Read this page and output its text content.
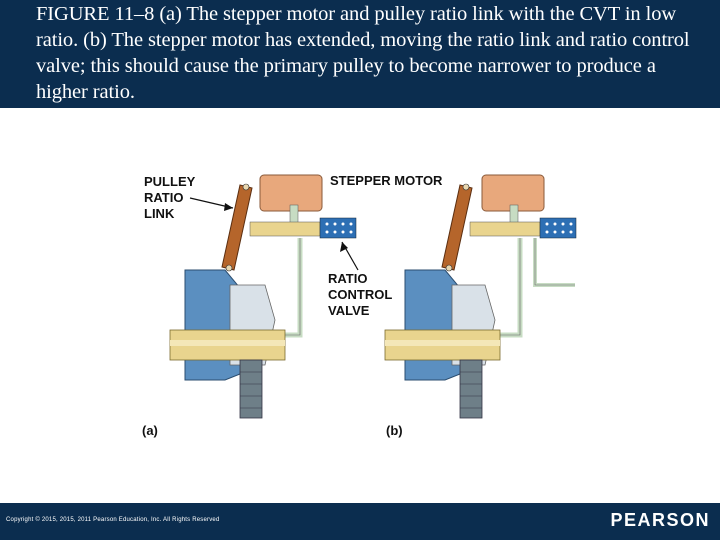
FIGURE 11–8 (a) The stepper motor and pulley ratio link with the CVT in low ratio. (b) The stepper motor has extended, moving the ratio link and ratio control valve; this should cause the primary pulley to become narrower to produce a higher ratio.
PULLEY
RATIO
LINK
STEPPER MOTOR
RATIO
CONTROL
VALVE
(a)	(b)
Copyright © 2015, 2015, 2011 Pearson Education, Inc. All Rights Reserved	PEARSON
